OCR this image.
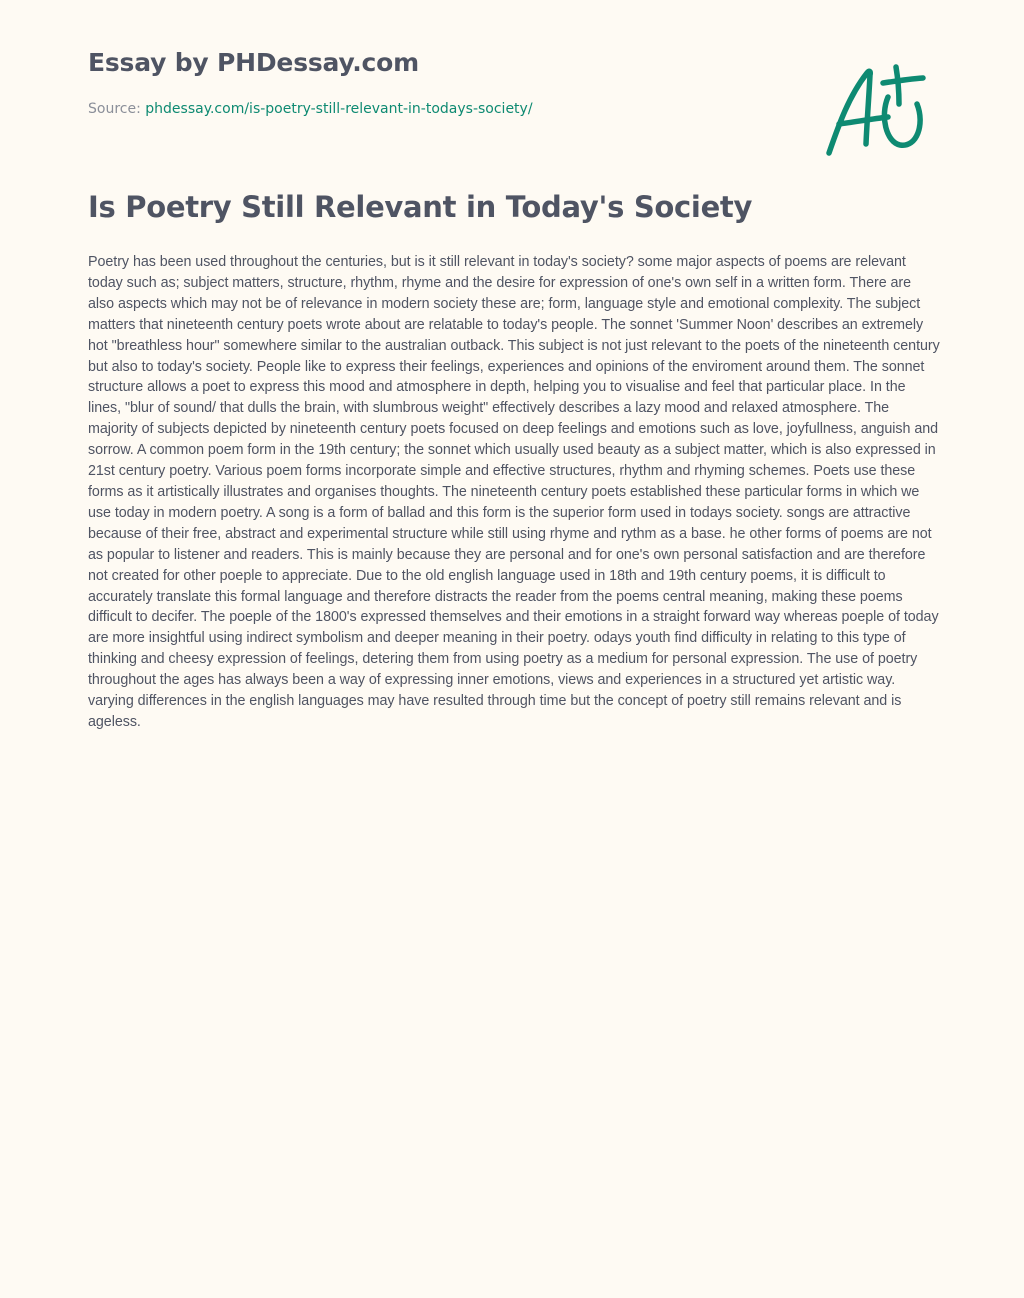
Essay by PHDessay.com
Source: phdessay.com/is-poetry-still-relevant-in-todays-society/
Is Poetry Still Relevant in Today's Society

Poetry has been used throughout the centuries, but is it still relevant in today's society? some major aspects of poems are relevant today such as; subject matters, structure, rhythm, rhyme and the desire for expression of one's own self in a written form. There are also aspects which may not be of relevance in modern society these are; form, language style and emotional complexity. The subject matters that nineteenth century poets wrote about are relatable to today's people. The sonnet 'Summer Noon' describes an extremely hot "breathless hour" somewhere similar to the australian outback. This subject is not just relevant to the poets of the nineteenth century but also to today's society. People like to express their feelings, experiences and opinions of the enviroment around them. The sonnet structure allows a poet to express this mood and atmosphere in depth, helping you to visualise and feel that particular place. In the lines, "blur of sound/ that dulls the brain, with slumbrous weight" effectively describes a lazy mood and relaxed atmosphere. The majority of subjects depicted by nineteenth century poets focused on deep feelings and emotions such as love, joyfullness, anguish and sorrow. A common poem form in the 19th century; the sonnet which usually used beauty as a subject matter, which is also expressed in 21st century poetry. Various poem forms incorporate simple and effective structures, rhythm and rhyming schemes. Poets use these forms as it artistically illustrates and organises thoughts. The nineteenth century poets established these particular forms in which we use today in modern poetry. A song is a form of ballad and this form is the superior form used in todays society. songs are attractive because of their free, abstract and experimental structure while still using rhyme and rythm as a base. he other forms of poems are not as popular to listener and readers. This is mainly because they are personal and for one's own personal satisfaction and are therefore not created for other poeple to appreciate. Due to the old english language used in 18th and 19th century poems, it is difficult to accurately translate this formal language and therefore distracts the reader from the poems central meaning, making these poems difficult to decifer. The poeple of the 1800's expressed themselves and their emotions in a straight forward way whereas poeple of today are more insightful using indirect symbolism and deeper meaning in their poetry. odays youth find difficulty in relating to this type of thinking and cheesy expression of feelings, detering them from using poetry as a medium for personal expression. The use of poetry throughout the ages has always been a way of expressing inner emotions, views and experiences in a structured yet artistic way. varying differences in the english languages may have resulted through time but the concept of poetry still remains relevant and is ageless.
